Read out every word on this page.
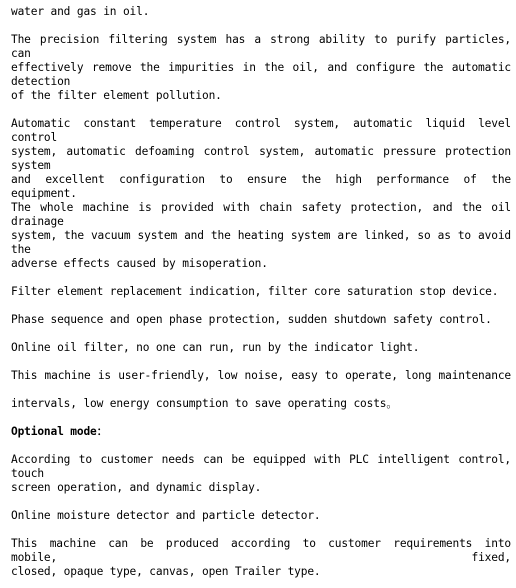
water and gas in oil.
The precision filtering system has a strong ability to purify particles, can
effectively remove the impurities in the oil, and configure the automatic detection
of the filter element pollution.
Automatic constant temperature control system, automatic liquid level control
system, automatic defoaming control system, automatic pressure protection system
and excellent configuration to ensure the high performance of the equipment.
The whole machine is provided with chain safety protection, and the oil drainage
system, the vacuum system and the heating system are linked, so as to avoid the
adverse effects caused by misoperation.
Filter element replacement indication, filter core saturation stop device.
Phase sequence and open phase protection, sudden shutdown safety control.
Online oil filter, no one can run, run by the indicator light.
This machine is user-friendly, low noise, easy to operate, long maintenance
intervals, low energy consumption to save operating costs。
Optional mode：
According to customer needs can be equipped with PLC intelligent control, touch
screen operation, and dynamic display.
Online moisture detector and particle detector.
This machine can be produced according to customer requirements into mobile, fixed,
closed, opaque type, canvas, open Trailer type.
